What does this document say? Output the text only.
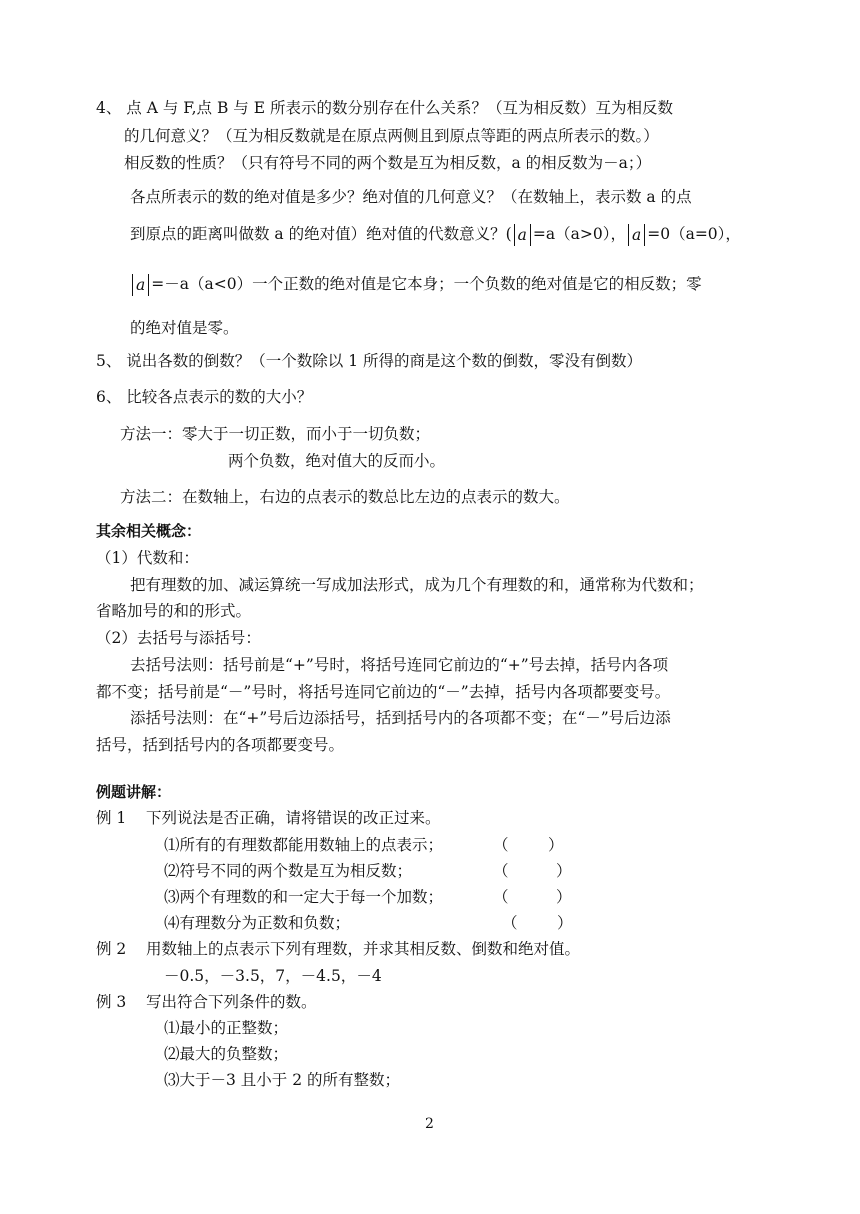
4、 点 A 与 F,点 B 与 E 所表示的数分别存在什么关系？（互为相反数）互为相反数
的几何意义？（互为相反数就是在原点两侧且到原点等距的两点所表示的数。）
相反数的性质？（只有符号不同的两个数是互为相反数，a 的相反数为－a；）
各点所表示的数的绝对值是多少？绝对值的几何意义？（在数轴上，表示数 a 的点
到原点的距离叫做数 a 的绝对值）绝对值的代数意义？( a =a（a>0）， a =0（a=0），
a =－a（a<0）一个正数的绝对值是它本身；一个负数的绝对值是它的相反数；零
的绝对值是零。
5、 说出各数的倒数？（一个数除以 1 所得的商是这个数的倒数，零没有倒数）
6、 比较各点表示的数的大小？
方法一：零大于一切正数，而小于一切负数；
两个负数，绝对值大的反而小。
方法二：在数轴上，右边的点表示的数总比左边的点表示的数大。
其余相关概念：
（1）代数和：
把有理数的加、减运算统一写成加法形式，成为几个有理数的和，通常称为代数和；
省略加号的和的形式。
（2）去括号与添括号：
去括号法则：括号前是“+”号时，将括号连同它前边的“+”号去掉，括号内各项
都不变；括号前是“－”号时，将括号连同它前边的“－”去掉，括号内各项都要变号。
添括号法则：在“+”号后边添括号，括到括号内的各项都不变；在“－”号后边添
括号，括到括号内的各项都要变号。
例题讲解：
例 1 下列说法是否正确，请将错误的改正过来。
⑴所有的有理数都能用数轴上的点表示；	（	）
⑵符号不同的两个数是互为相反数；	（	）
⑶两个有理数的和一定大于每一个加数；	（	）
⑷有理数分为正数和负数；	（	）
例 2 用数轴上的点表示下列有理数，并求其相反数、倒数和绝对值。
－0.5，－3.5，7，－4.5，－4
例 3 写出符合下列条件的数。
⑴最小的正整数；
⑵最大的负整数；
⑶大于－3 且小于 2 的所有整数；
2
